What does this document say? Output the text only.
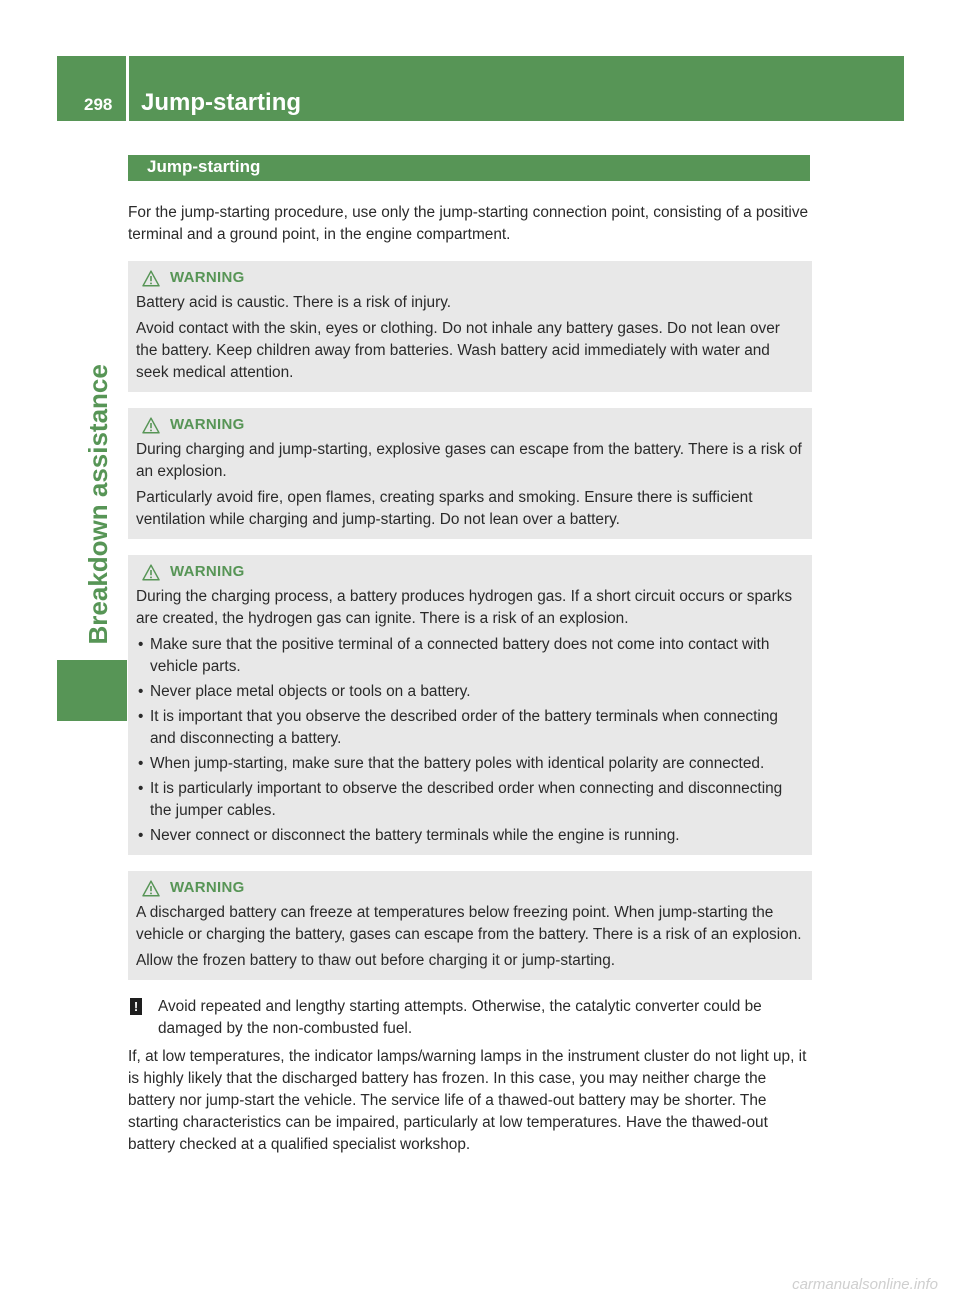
298 Jump-starting
Breakdown assistance
Jump-starting

For the jump-starting procedure, use only the jump-starting connection point, consisting of a positive terminal and a ground point, in the engine compartment.

WARNING

Battery acid is caustic. There is a risk of injury.

Avoid contact with the skin, eyes or clothing. Do not inhale any battery gases. Do not lean over the battery. Keep children away from batteries. Wash battery acid immediately with water and seek medical attention.

WARNING

During charging and jump-starting, explosive gases can escape from the battery. There is a risk of an explosion.

Particularly avoid fire, open flames, creating sparks and smoking. Ensure there is sufficient ventilation while charging and jump-starting. Do not lean over a battery.

WARNING

During the charging process, a battery produces hydrogen gas. If a short circuit occurs or sparks are created, the hydrogen gas can ignite. There is a risk of an explosion.

• Make sure that the positive terminal of a connected battery does not come into contact with vehicle parts.
• Never place metal objects or tools on a battery.
• It is important that you observe the described order of the battery terminals when connecting and disconnecting a battery.
• When jump-starting, make sure that the battery poles with identical polarity are connected.
• It is particularly important to observe the described order when connecting and disconnecting the jumper cables.
• Never connect or disconnect the battery terminals while the engine is running.
WARNING

A discharged battery can freeze at temperatures below freezing point. When jump-starting the vehicle or charging the battery, gases can escape from the battery. There is a risk of an explosion.

Allow the frozen battery to thaw out before charging it or jump-starting.

! Avoid repeated and lengthy starting attempts. Otherwise, the catalytic converter could be damaged by the non-combusted fuel.

If, at low temperatures, the indicator lamps/warning lamps in the instrument cluster do not light up, it is highly likely that the discharged battery has frozen. In this case, you may neither charge the battery nor jump-start the vehicle. The service life of a thawed-out battery may be shorter. The starting characteristics can be impaired, particularly at low temperatures. Have the thawed-out battery checked at a qualified specialist workshop.

carmanualsonline.info
